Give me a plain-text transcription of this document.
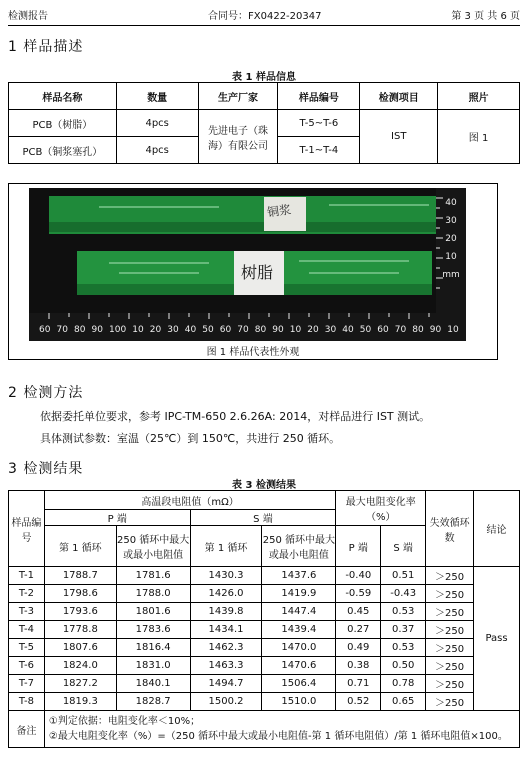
检测报告	合同号：FX0422-20347	第 3 页 共 6 页
1 样品描述
表 1 样品信息
样品名称	数量	生产厂家	样品编号	检测项目	照片
PCB（树脂）	4pcs	先进电子（珠海）有限公司	T-5~T-6	IST	图 1
PCB（铜浆塞孔）	4pcs		T-1~T-4		
铜浆
树脂
40
30
20
10
mm
60 70 80 90 100 10 20 30 40 50 60 70 80 90 10 20 30 40 50 60 70 80 90 10
图 1 样品代表性外观
2 检测方法
依据委托单位要求，参考 IPC-TM-650 2.6.26A: 2014，对样品进行 IST 测试。
具体测试参数：室温（25℃）到 150℃，共进行 250 循环。
3 检测结果
表 3 检测结果
样品编号	高温段电阻值（mΩ）				最大电阻变化率（%）		失效循环数	结论
	P 端		S 端					
	第 1 循环	250 循环中最大或最小电阻值	第 1 循环	250 循环中最大或最小电阻值	P 端	S 端		
T-1	1788.7	1781.6	1430.3	1437.6	-0.40	0.51	＞250	Pass
T-2	1798.6	1788.0	1426.0	1419.9	-0.59	-0.43	＞250	
T-3	1793.6	1801.6	1439.8	1447.4	0.45	0.53	＞250	
T-4	1778.8	1783.6	1434.1	1439.4	0.27	0.37	＞250	
T-5	1807.6	1816.4	1462.3	1470.0	0.49	0.53	＞250	
T-6	1824.0	1831.0	1463.3	1470.6	0.38	0.50	＞250	
T-7	1827.2	1840.1	1494.7	1506.4	0.71	0.78	＞250	
T-8	1819.3	1828.7	1500.2	1510.0	0.52	0.65	＞250	
备注	①判定依据：电阻变化率＜10%；
②最大电阻变化率（%）=（250 循环中最大或最小电阻值-第 1 循环电阻值）/第 1 循环电阻值×100。							
